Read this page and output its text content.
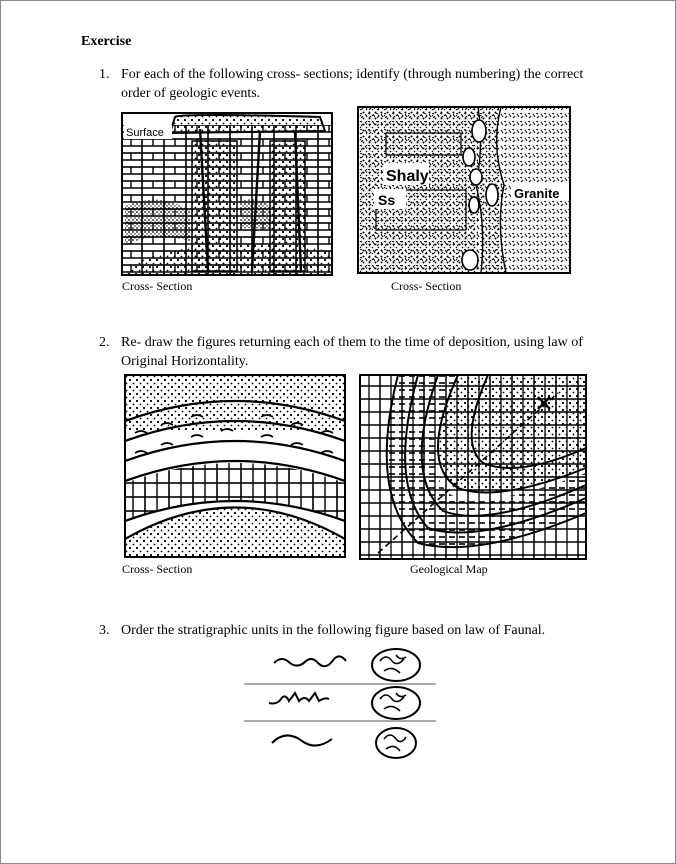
Exercise
1. For each of the following cross- sections; identify (through numbering) the correct order of geologic events.
Surface
Cross- Section
Shaly
Ss	Granite
Cross- Section
2. Re- draw the figures returning each of them to the time of deposition, using law of Original Horizontality.
Cross- Section	Geological Map
3. Order the stratigraphic units in the following figure based on law of Faunal.
